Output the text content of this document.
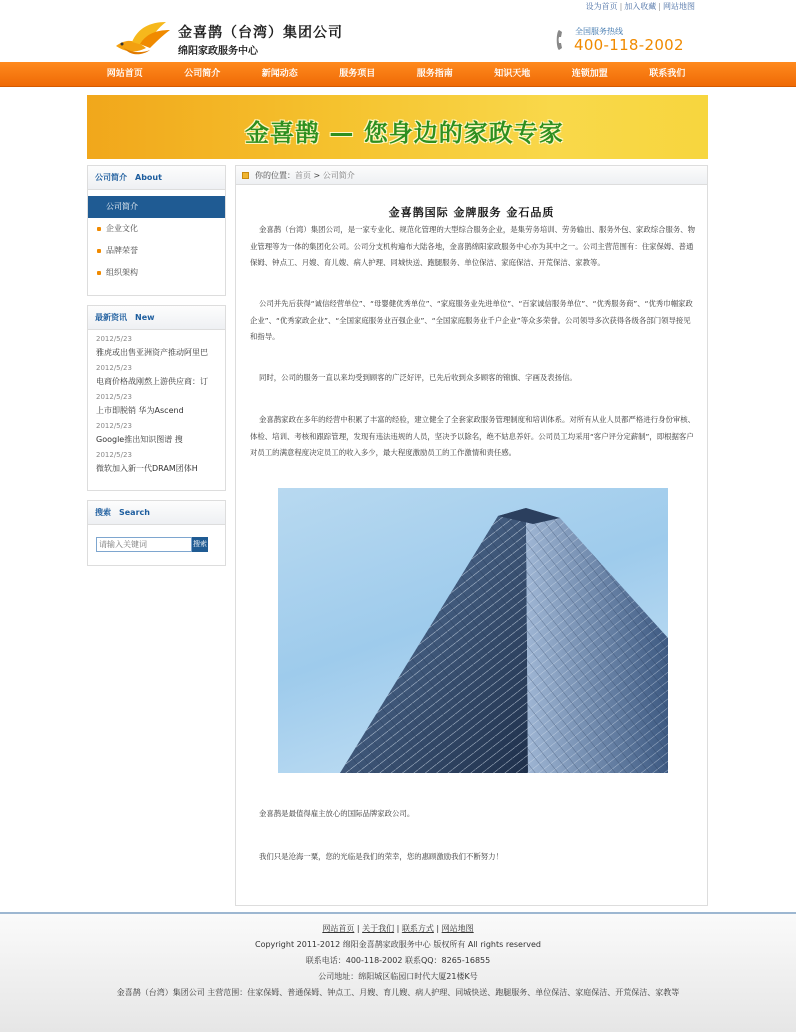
设为首页 | 加入收藏 | 网站地图
金喜鹊（台湾）集团公司
绵阳家政服务中心
全国服务热线
400-118-2002
网站首页	公司简介	新闻动态	服务项目	服务指南	知识天地	连锁加盟	联系我们
金喜鹊 — 您身边的家政专家
公司简介　About
公司简介
企业文化
品牌荣誉
组织架构
最新资讯　New
2012/5/23
雅虎或出售亚洲资产推动阿里巴
2012/5/23
电商价格战刚熬上游供应商：订
2012/5/23
上市即脱销 华为Ascend
2012/5/23
Google推出知识图谱 搜
2012/5/23
微软加入新一代DRAM团体H
搜索　Search
请输入关键词搜索
你的位置：首页 > 公司简介
金喜鹊国际 金牌服务 金石品质

金喜鹊（台湾）集团公司，是一家专业化、规范化管理的大型综合服务企业，是集劳务培训、劳务输出、服务外包、家政综合服务、物业管理等为一体的集团化公司。公司分支机构遍布大陆各地，金喜鹊绵阳家政服务中心亦为其中之一。公司主营范围有：住家保姆、普通保姆、钟点工、月嫂、育儿嫂、病人护理、同城快送、跑腿服务、单位保洁、家庭保洁、开荒保洁、家教等。

公司并先后获得“诚信经营单位”、“母婴健优秀单位”、“家庭服务业先进单位”、“百家诚信服务单位”、“优秀服务商”、“优秀巾帼家政企业”、“优秀家政企业”、“全国家庭服务业百强企业”、“全国家庭服务业千户企业”等众多荣誉。公司领导多次获得各级各部门领导接见和指导。

同时，公司的服务一直以来均受到顾客的广泛好评，已先后收到众多顾客的锦旗、字画及表扬信。

金喜鹊家政在多年的经营中积累了丰富的经验，建立健全了全套家政服务管理制度和培训体系。对所有从业人员都严格进行身份审核、体检、培训、考核和跟踪管理，发现有违法违规的人员，坚决予以除名，绝不姑息养奸。公司员工均采用“客户评分定薪制”，即根据客户对员工的满意程度决定员工的收入多少，最大程度激励员工的工作激情和责任感。

金喜鹊是最值得雇主放心的国际品牌家政公司。

我们只是沧海一粟，您的光临是我们的荣幸，您的惠顾激励我们不断努力！

网站首页 | 关于我们 | 联系方式 | 网站地图
Copyright 2011-2012 绵阳金喜鹊家政服务中心 版权所有 All rights reserved
联系电话：400-118-2002 联系QQ：8265-16855
公司地址：绵阳城区临园口时代大厦21楼K号
金喜鹊（台湾）集团公司 主营范围：住家保姆、普通保姆、钟点工、月嫂、育儿嫂、病人护理、同城快送、跑腿服务、单位保洁、家庭保洁、开荒保洁、家教等
